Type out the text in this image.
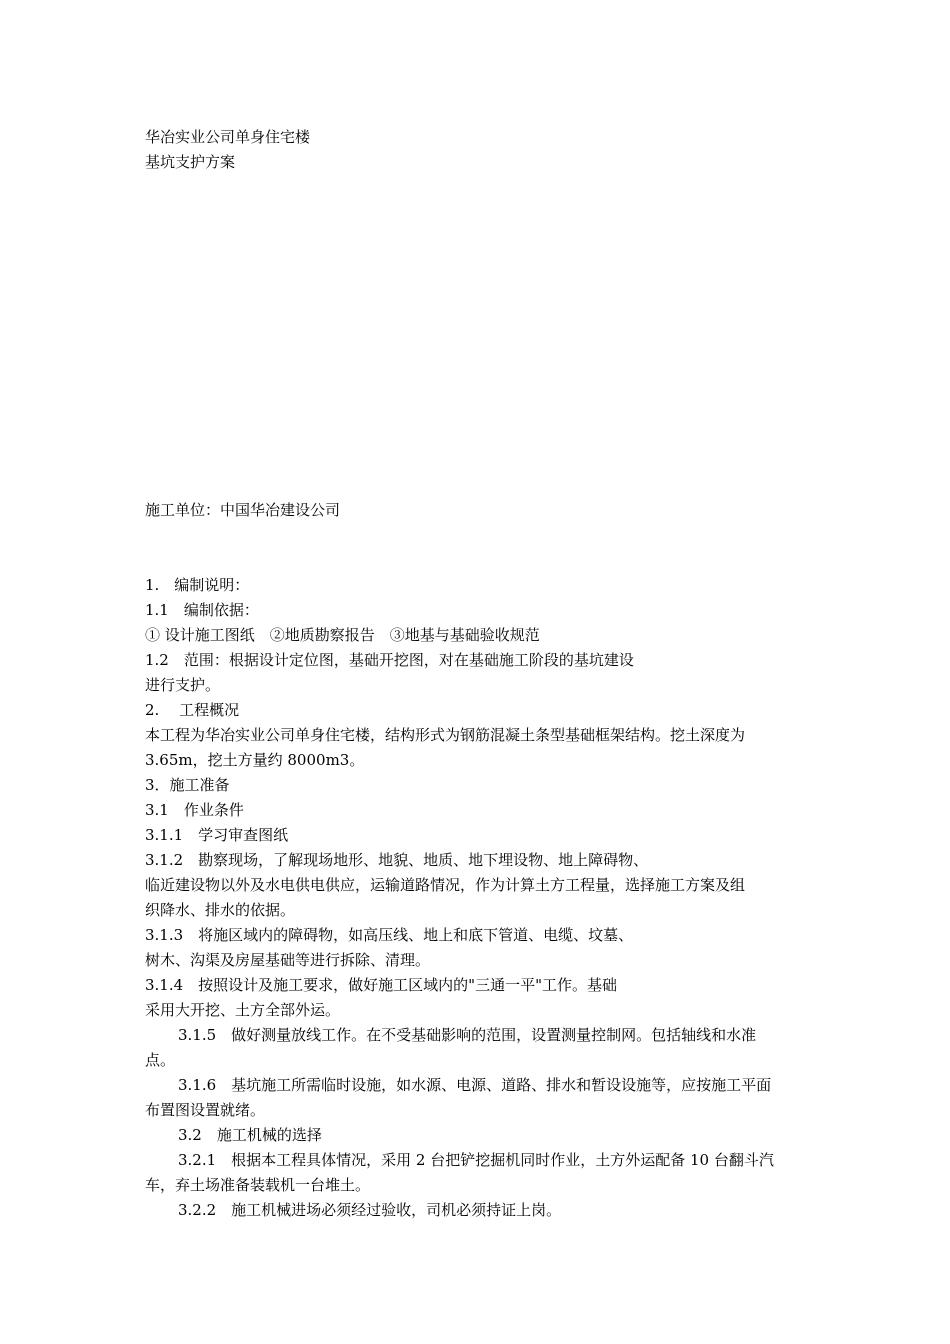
华冶实业公司单身住宅楼
基坑支护方案
施工单位：中国华冶建设公司
1.　编制说明：
1.1　编制依据：
① 设计施工图纸　②地质勘察报告　③地基与基础验收规范
1.2　范围：根据设计定位图，基础开挖图，对在基础施工阶段的基坑建设
进行支护。
2.　 工程概况
本工程为华冶实业公司单身住宅楼，结构形式为钢筋混凝土条型基础框架结构。挖土深度为
3.65m，挖土方量约 8000m3。
3．施工准备
3.1　作业条件
3.1.1　学习审查图纸
3.1.2　勘察现场，了解现场地形、地貌、地质、地下埋设物、地上障碍物、
临近建设物以外及水电供电供应，运输道路情况，作为计算土方工程量，选择施工方案及组
织降水、排水的依据。
3.1.3　将施区域内的障碍物，如高压线、地上和底下管道、电缆、坟墓、
树木、沟渠及房屋基础等进行拆除、清理。
3.1.4　按照设计及施工要求，做好施工区域内的"三通一平"工作。基础
采用大开挖、土方全部外运。
3.1.5　做好测量放线工作。在不受基础影响的范围，设置测量控制网。包括轴线和水准
点。
3.1.6　基坑施工所需临时设施，如水源、电源、道路、排水和暂设设施等，应按施工平面
布置图设置就绪。
3.2　施工机械的选择
3.2.1　根据本工程具体情况，采用 2 台把铲挖掘机同时作业，土方外运配备 10 台翻斗汽
车，弃土场准备装载机一台堆土。
3.2.2　施工机械进场必须经过验收，司机必须持证上岗。
